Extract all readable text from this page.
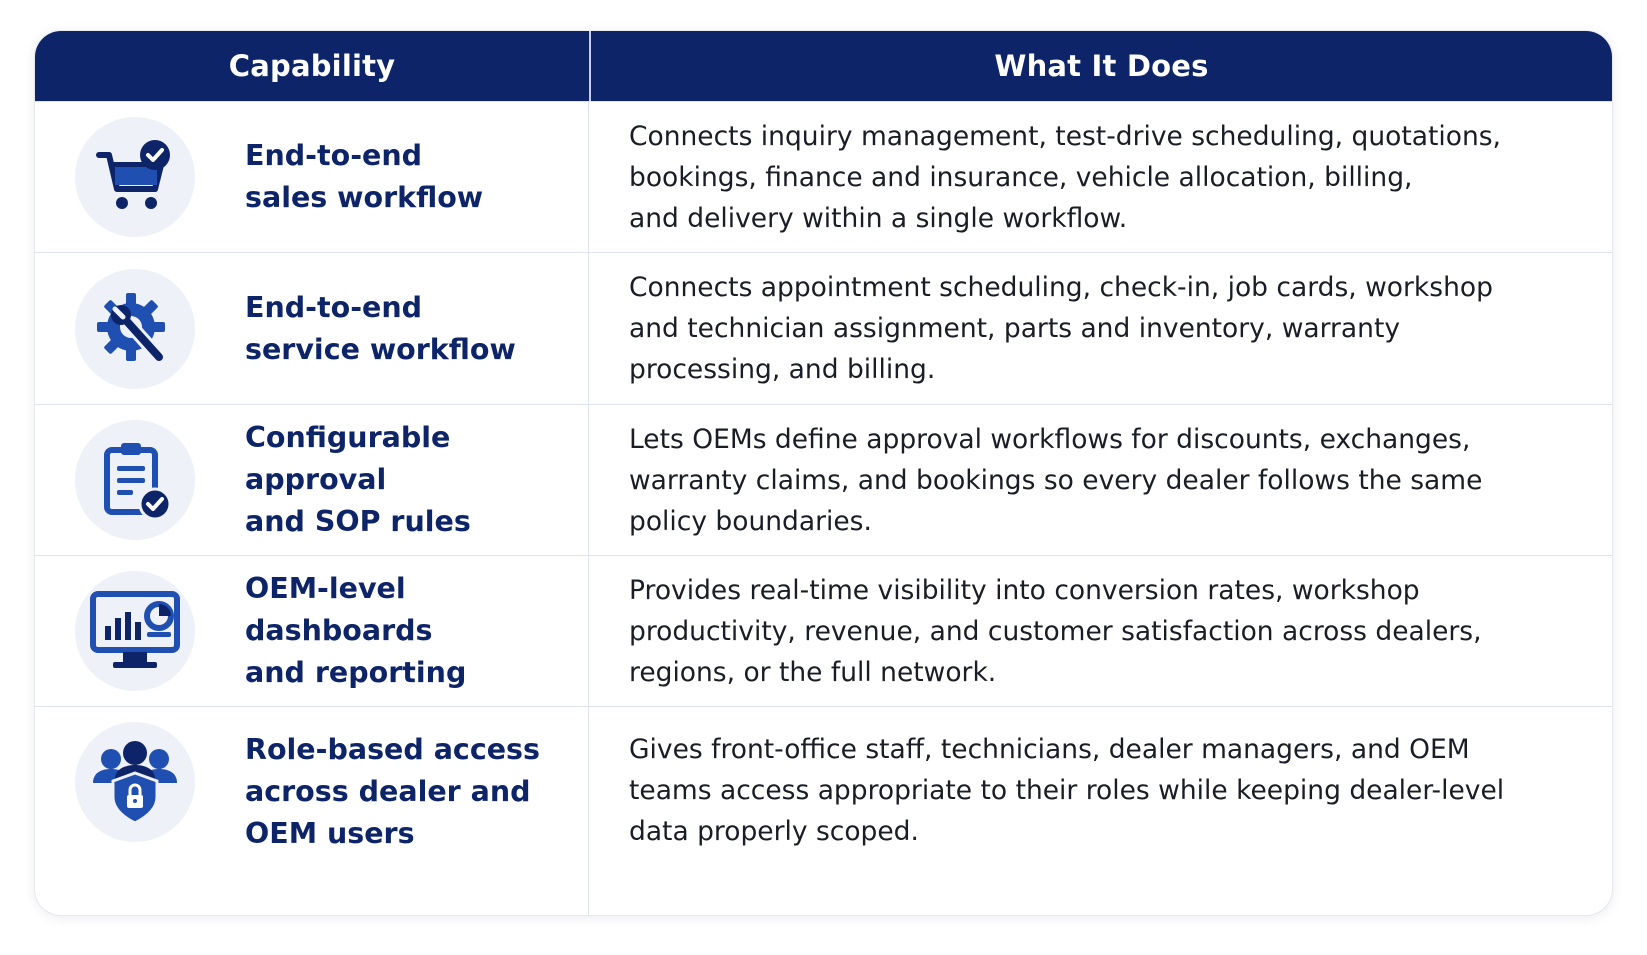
Capability	What It Does
End-to-end
sales workflow
Connects inquiry management, test-drive scheduling, quotations,
bookings, finance and insurance, vehicle allocation, billing,
and delivery within a single workflow.
End-to-end
service workflow
Connects appointment scheduling, check-in, job cards, workshop
and technician assignment, parts and inventory, warranty
processing, and billing.
Configurable approval
and SOP rules
Lets OEMs define approval workflows for discounts, exchanges,
warranty claims, and bookings so every dealer follows the same
policy boundaries.
OEM-level dashboards
and reporting
Provides real-time visibility into conversion rates, workshop
productivity, revenue, and customer satisfaction across dealers,
regions, or the full network.
Role-based access
across dealer and
OEM users
Gives front-office staff, technicians, dealer managers, and OEM
teams access appropriate to their roles while keeping dealer-level
data properly scoped.
